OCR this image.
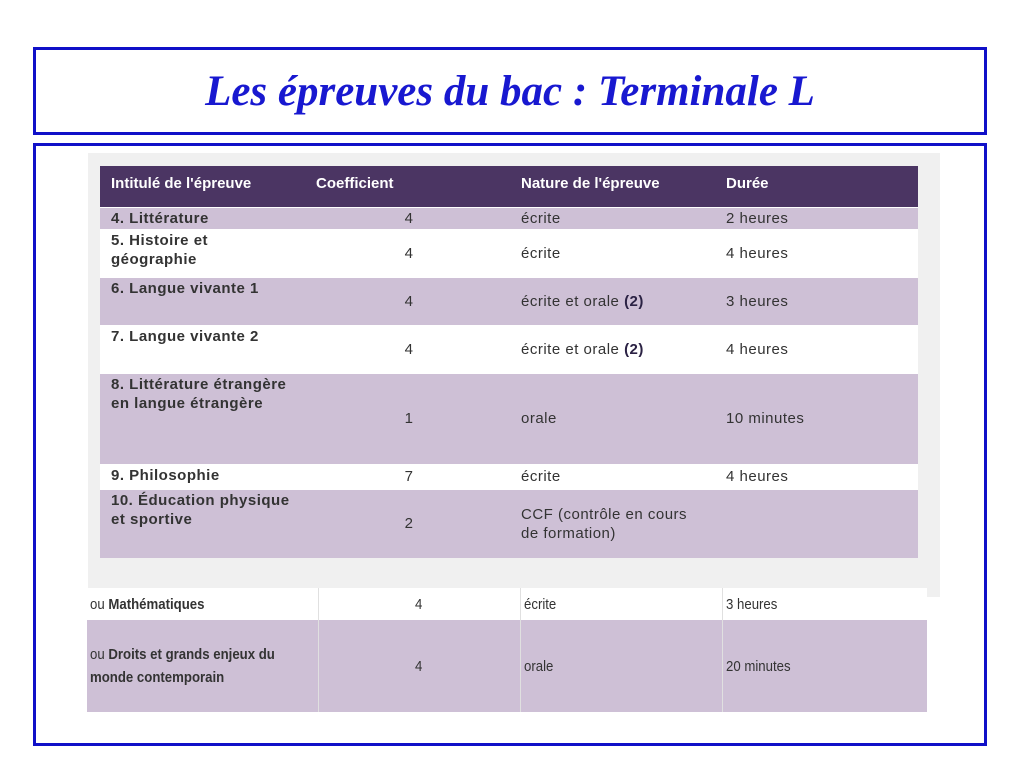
Les épreuves du bac : Terminale L
Intitulé de l'épreuve	Coefficient	Nature de l'épreuve	Durée
4. Littérature	4	écrite	2 heures
5. Histoire et géographie	4	écrite	4 heures
6. Langue vivante 1	4	écrite et orale (2)	3 heures
7. Langue vivante 2	4	écrite et orale (2)	4 heures
8. Littérature étrangère en langue étrangère	1	orale	10 minutes
9. Philosophie	7	écrite	4 heures
10. Éducation physique et sportive	2	CCF (contrôle en cours de formation)	
ou Mathématiques	4	écrite	3 heures

ou Droits et grands enjeux du monde contemporain	4	orale	20 minutes
